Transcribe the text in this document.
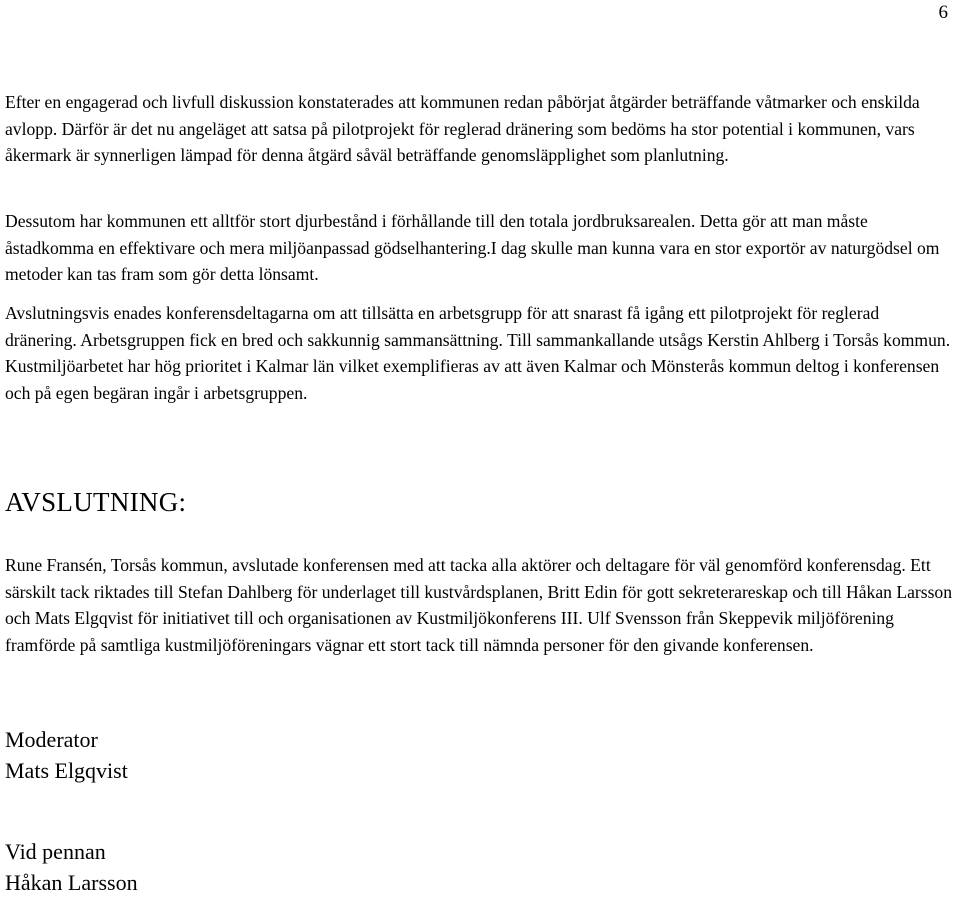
6

Efter en engagerad och livfull diskussion konstaterades att kommunen redan påbörjat åtgärder beträffande våtmarker och enskilda avlopp. Därför är det nu angeläget att satsa på pilotprojekt för reglerad dränering som bedöms ha stor potential i kommunen, vars åkermark är synnerligen lämpad för denna åtgärd såväl beträffande genomsläpplighet som planlutning.

Dessutom har kommunen ett alltför stort djurbestånd i förhållande till den totala jordbruksarealen. Detta gör att man måste åstadkomma en effektivare och mera miljöanpassad gödselhantering.I dag skulle man kunna vara en stor exportör av naturgödsel om metoder kan tas fram som gör detta lönsamt.

Avslutningsvis enades konferensdeltagarna om att tillsätta en arbetsgrupp för att snarast få igång ett pilotprojekt för reglerad dränering. Arbetsgruppen fick en bred och sakkunnig sammansättning. Till sammankallande utsågs Kerstin Ahlberg i Torsås kommun. Kustmiljöarbetet har hög prioritet i Kalmar län vilket exemplifieras av att även Kalmar och Mönsterås kommun deltog i konferensen och på egen begäran ingår i arbetsgruppen.

AVSLUTNING:

Rune Fransén, Torsås kommun, avslutade konferensen med att tacka alla aktörer och deltagare för väl genomförd konferensdag. Ett särskilt tack riktades till Stefan Dahlberg för underlaget till kustvårdsplanen, Britt Edin för gott sekreterareskap och till Håkan Larsson och Mats Elgqvist för initiativet till och organisationen av Kustmiljökonferens III. Ulf Svensson från Skeppevik miljöförening framförde på samtliga kustmiljöföreningars vägnar ett stort tack till nämnda personer för den givande konferensen.

Moderator
Mats Elgqvist
Vid pennan
Håkan Larsson
